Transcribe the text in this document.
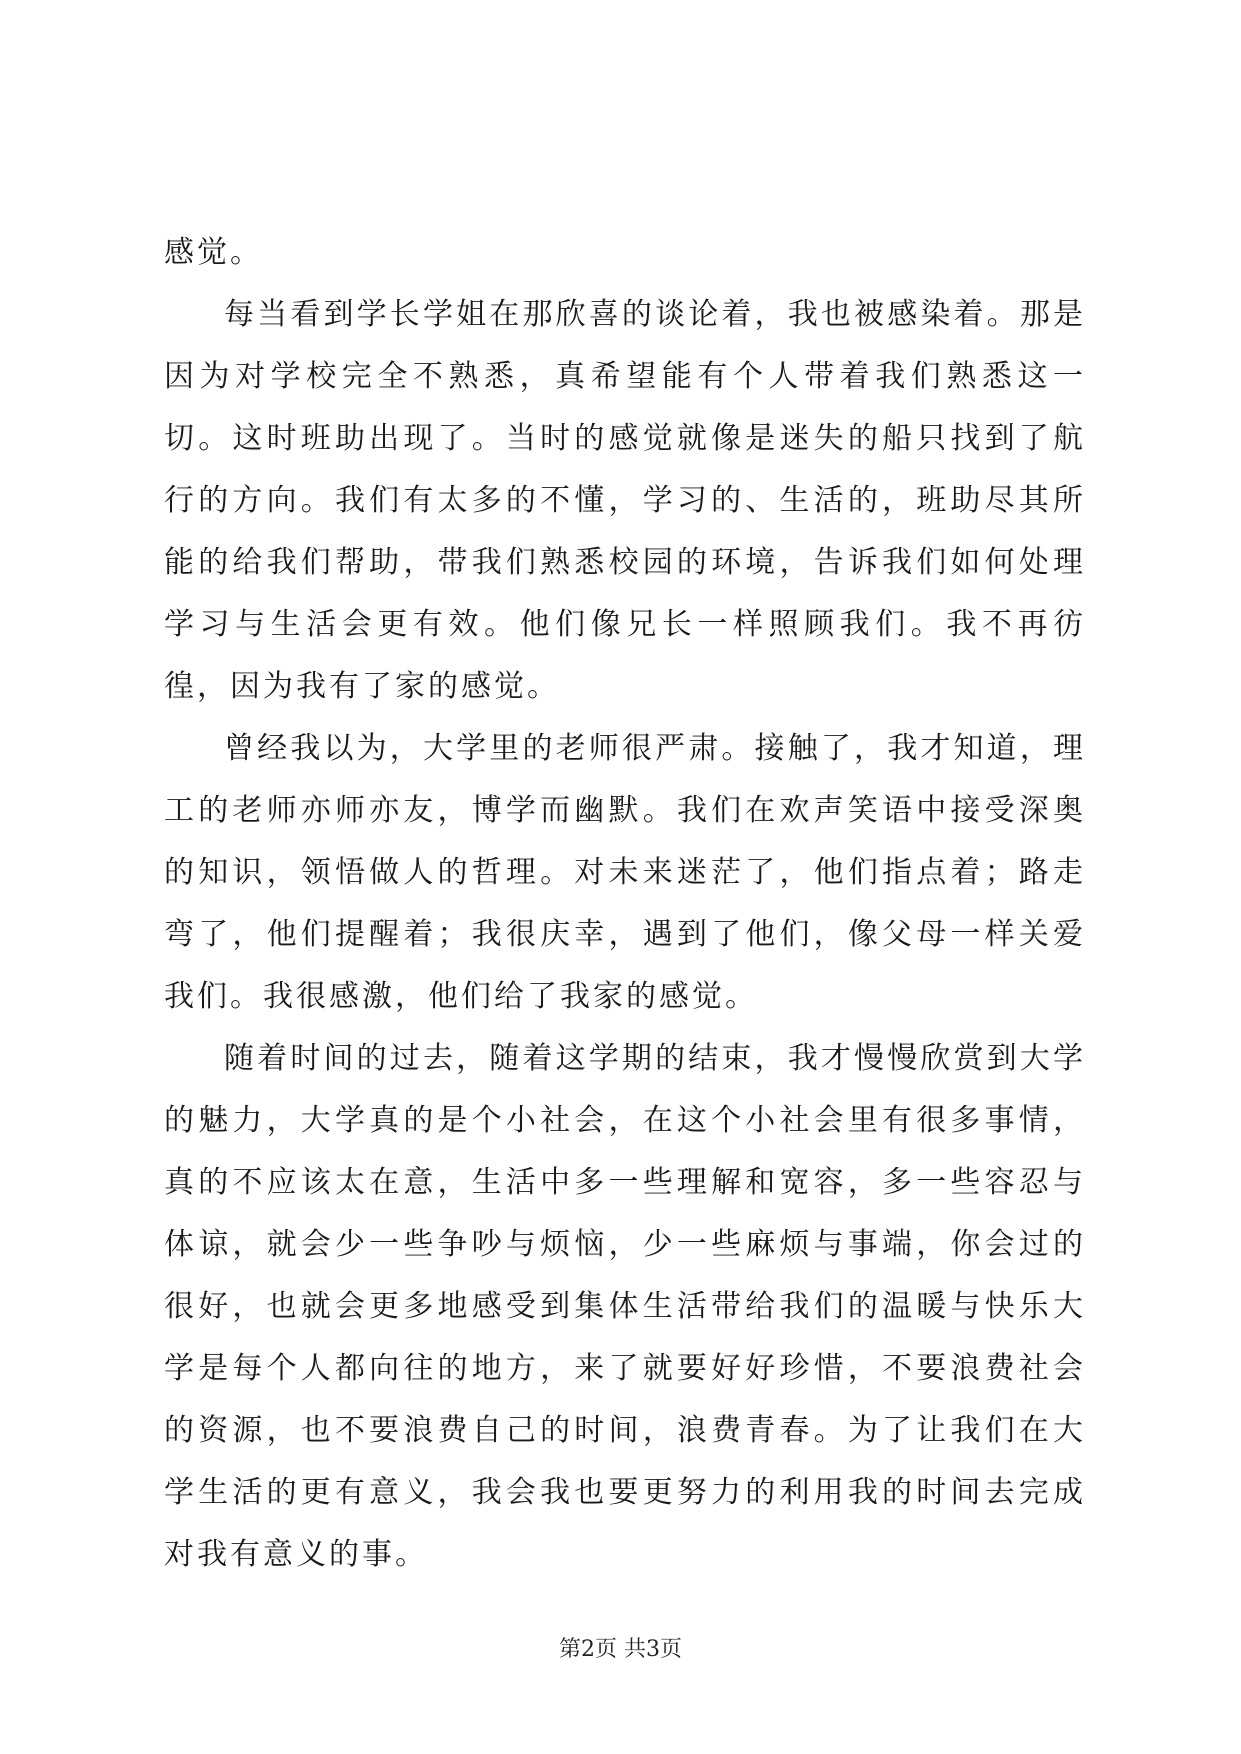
感觉。

每当看到学长学姐在那欣喜的谈论着，我也被感染着。那是因为对学校完全不熟悉，真希望能有个人带着我们熟悉这一切。这时班助出现了。当时的感觉就像是迷失的船只找到了航行的方向。我们有太多的不懂，学习的、生活的，班助尽其所能的给我们帮助，带我们熟悉校园的环境，告诉我们如何处理学习与生活会更有效。他们像兄长一样照顾我们。我不再彷徨，因为我有了家的感觉。

曾经我以为，大学里的老师很严肃。接触了，我才知道，理工的老师亦师亦友，博学而幽默。我们在欢声笑语中接受深奥的知识，领悟做人的哲理。对未来迷茫了，他们指点着；路走弯了，他们提醒着；我很庆幸，遇到了他们，像父母一样关爱我们。我很感激，他们给了我家的感觉。

随着时间的过去，随着这学期的结束，我才慢慢欣赏到大学的魅力，大学真的是个小社会，在这个小社会里有很多事情，真的不应该太在意，生活中多一些理解和宽容，多一些容忍与体谅，就会少一些争吵与烦恼，少一些麻烦与事端，你会过的很好，也就会更多地感受到集体生活带给我们的温暖与快乐大学是每个人都向往的地方，来了就要好好珍惜，不要浪费社会的资源，也不要浪费自己的时间，浪费青春。为了让我们在大学生活的更有意义，我会我也要更努力的利用我的时间去完成对我有意义的事。

第2页 共3页
